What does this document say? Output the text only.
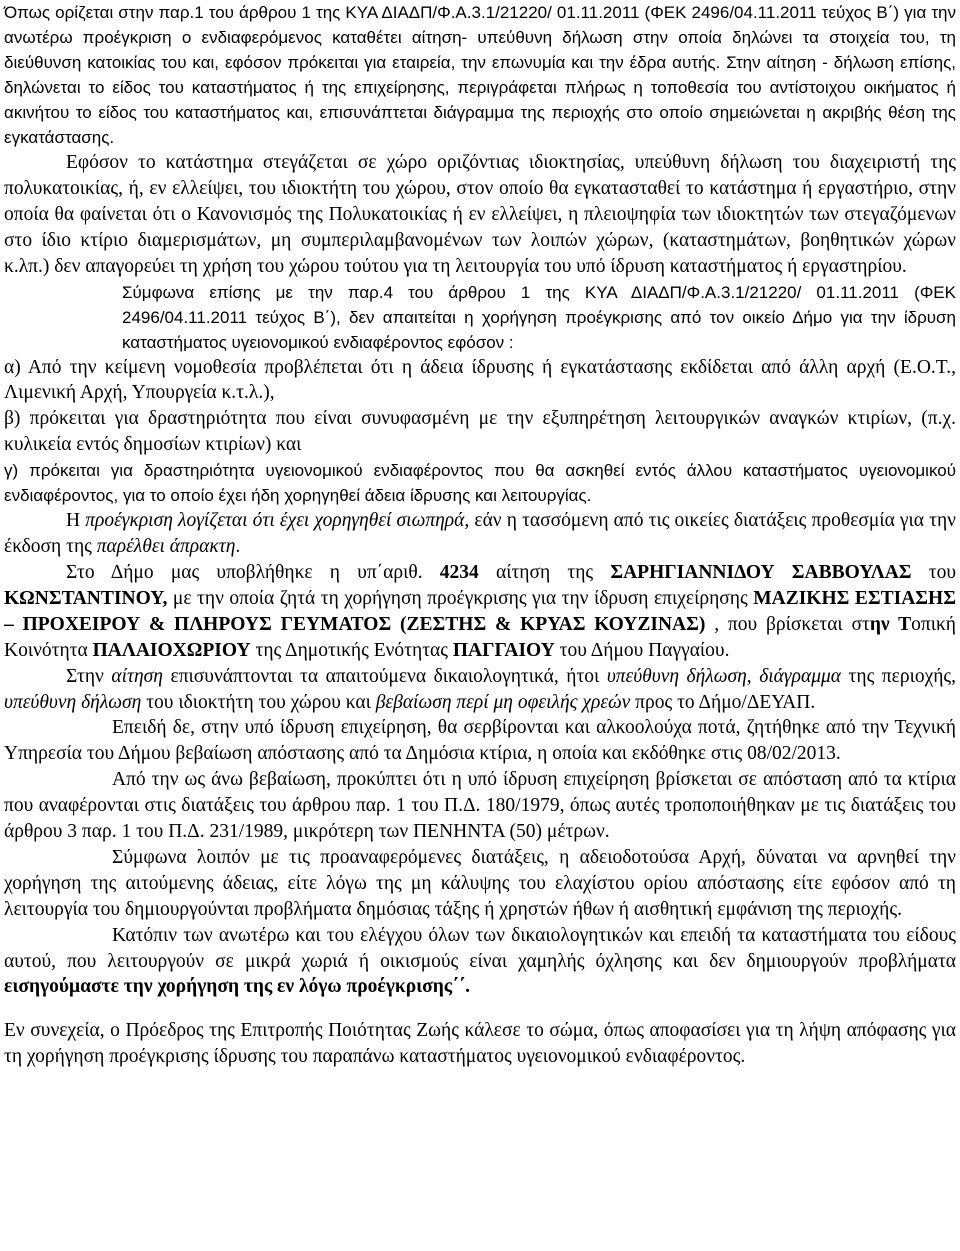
Όπως ορίζεται στην παρ.1 του άρθρου 1 της ΚΥΑ ΔΙΑΔΠ/Φ.Α.3.1/21220/ 01.11.2011 (ΦΕΚ 2496/04.11.2011 τεύχος Β΄) για την ανωτέρω προέγκριση ο ενδιαφερόμενος καταθέτει αίτηση- υπεύθυνη δήλωση στην οποία δηλώνει τα στοιχεία του, τη διεύθυνση κατοικίας του και, εφόσον πρόκειται για εταιρεία, την επωνυμία και την έδρα αυτής. Στην αίτηση - δήλωση επίσης, δηλώνεται το είδος του καταστήματος ή της επιχείρησης, περιγράφεται πλήρως η τοποθεσία του αντίστοιχου οικήματος ή ακινήτου το είδος του καταστήματος και, επισυνάπτεται διάγραμμα της περιοχής στο οποίο σημειώνεται η ακριβής θέση της εγκατάστασης.

Εφόσον το κατάστημα στεγάζεται σε χώρο οριζόντιας ιδιοκτησίας, υπεύθυνη δήλωση του διαχειριστή της πολυκατοικίας, ή, εν ελλείψει, του ιδιοκτήτη του χώρου, στον οποίο θα εγκατασταθεί το κατάστημα ή εργαστήριο, στην οποία θα φαίνεται ότι ο Κανονισμός της Πολυκατοικίας ή εν ελλείψει, η πλειοψηφία των ιδιοκτητών των στεγαζόμενων στο ίδιο κτίριο διαμερισμάτων, μη συμπεριλαμβανομένων των λοιπών χώρων, (καταστημάτων, βοηθητικών χώρων κ.λπ.) δεν απαγορεύει τη χρήση του χώρου τούτου για τη λειτουργία του υπό ίδρυση καταστήματος ή εργαστηρίου.

Σύμφωνα επίσης με την παρ.4 του άρθρου 1 της ΚΥΑ ΔΙΑΔΠ/Φ.Α.3.1/21220/ 01.11.2011 (ΦΕΚ 2496/04.11.2011 τεύχος Β΄), δεν απαιτείται η χορήγηση προέγκρισης από τον οικείο Δήμο για την ίδρυση καταστήματος υγειονομικού ενδιαφέροντος εφόσον :

α) Από την κείμενη νομοθεσία προβλέπεται ότι η άδεια ίδρυσης ή εγκατάστασης εκδίδεται από άλλη αρχή (Ε.Ο.Τ., Λιμενική Αρχή, Υπουργεία κ.τ.λ.),

β) πρόκειται για δραστηριότητα που είναι συνυφασμένη με την εξυπηρέτηση λειτουργικών αναγκών κτιρίων, (π.χ. κυλικεία εντός δημοσίων κτιρίων) και

γ) πρόκειται για δραστηριότητα υγειονομικού ενδιαφέροντος που θα ασκηθεί εντός άλλου καταστήματος υγειονομικού ενδιαφέροντος, για το οποίο έχει ήδη χορηγηθεί άδεια ίδρυσης και λειτουργίας.

Η προέγκριση λογίζεται ότι έχει χορηγηθεί σιωπηρά, εάν η τασσόμενη από τις οικείες διατάξεις προθεσμία για την έκδοση της παρέλθει άπρακτη.

Στο Δήμο μας υποβλήθηκε η υπ΄αριθ. 4234 αίτηση της ΣΑΡΗΓΙΑΝΝΙΔΟΥ ΣΑΒΒΟΥΛΑΣ του ΚΩΝΣΤΑΝΤΙΝΟΥ, με την οποία ζητά τη χορήγηση προέγκρισης για την ίδρυση επιχείρησης ΜΑΖΙΚΗΣ ΕΣΤΙΑΣΗΣ – ΠΡΟΧΕΙΡΟΥ & ΠΛΗΡΟΥΣ ΓΕΥΜΑΤΟΣ (ΖΕΣΤΗΣ & ΚΡΥΑΣ ΚΟΥΖΙΝΑΣ) , που βρίσκεται στην Τοπική Κοινότητα ΠΑΛΑΙΟΧΩΡΙΟΥ της Δημοτικής Ενότητας ΠΑΓΓΑΙΟΥ του Δήμου Παγγαίου.

Στην αίτηση επισυνάπτονται τα απαιτούμενα δικαιολογητικά, ήτοι υπεύθυνη δήλωση, διάγραμμα της περιοχής, υπεύθυνη δήλωση του ιδιοκτήτη του χώρου και βεβαίωση περί μη οφειλής χρεών προς το Δήμο/ΔΕΥΑΠ.

Επειδή δε, στην υπό ίδρυση επιχείρηση, θα σερβίρονται και αλκοολούχα ποτά, ζητήθηκε από την Τεχνική Υπηρεσία του Δήμου βεβαίωση απόστασης από τα Δημόσια κτίρια, η οποία και εκδόθηκε στις 08/02/2013.

Από την ως άνω βεβαίωση, προκύπτει ότι η υπό ίδρυση επιχείρηση βρίσκεται σε απόσταση από τα κτίρια που αναφέρονται στις διατάξεις του άρθρου παρ. 1 του Π.Δ. 180/1979, όπως αυτές τροποποιήθηκαν με τις διατάξεις του άρθρου 3 παρ. 1 του Π.Δ. 231/1989, μικρότερη των ΠΕΝΗΝΤΑ (50) μέτρων.

Σύμφωνα λοιπόν με τις προαναφερόμενες διατάξεις, η αδειοδοτούσα Αρχή, δύναται να αρνηθεί την χορήγηση της αιτούμενης άδειας, είτε λόγω της μη κάλυψης του ελαχίστου ορίου απόστασης είτε εφόσον από τη λειτουργία του δημιουργούνται προβλήματα δημόσιας τάξης ή χρηστών ήθων ή αισθητική εμφάνιση της περιοχής.

Κατόπιν των ανωτέρω και του ελέγχου όλων των δικαιολογητικών και επειδή τα καταστήματα του είδους αυτού, που λειτουργούν σε μικρά χωριά ή οικισμούς είναι χαμηλής όχλησης και δεν δημιουργούν προβλήματα εισηγούμαστε την χορήγηση της εν λόγω προέγκρισης΄΄.

Εν συνεχεία, ο Πρόεδρος της Επιτροπής Ποιότητας Ζωής κάλεσε το σώμα, όπως αποφασίσει για τη λήψη απόφασης για τη χορήγηση προέγκρισης ίδρυσης του παραπάνω καταστήματος υγειονομικού ενδιαφέροντος.
